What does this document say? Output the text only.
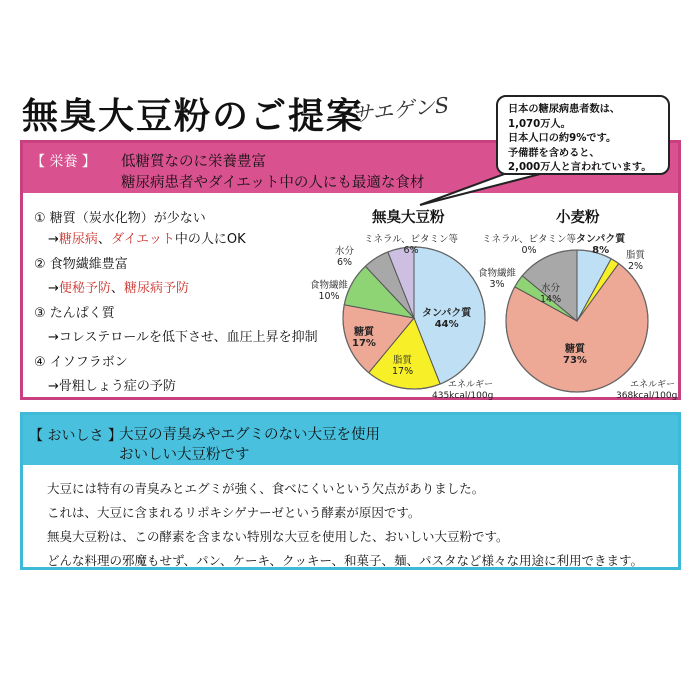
無臭大豆粉のご提案
サエゲンS	日本の糖尿病患者数は、
1,070万人。
日本人口の約9%です。
予備群を含めると、
2,000万人と言われています。
【 栄養 】 低糖質なのに栄養豊富
糖尿病患者やダイエット中の人にも最適な食材
① 糖質（炭水化物）が少ない
→糖尿病、ダイエット中の人にOK
② 食物繊維豊富
→便秘予防、糖尿病予防
③ たんぱく質
→コレステロールを低下させ、血圧上昇を抑制
④ イソフラボン
→骨粗しょう症の予防
無臭大豆粉	小麦粉
ミネラル、ビタミン等
6%
水分
6%
食物繊維
10%
タンパク質
44%
糖質
17%
脂質
17%
エネルギー
435kcal/100g
ミネラル、ビタミン等
0%
タンパク質
8%	脂質
2%
食物繊維
3%	水分
14%
糖質
73%
エネルギー
368kcal/100g
【 おいしさ 】
大豆の青臭みやエグミのない大豆を使用
おいしい大豆粉です
大豆には特有の青臭みとエグミが強く、食べにくいという欠点がありました。
これは、大豆に含まれるリポキシゲナーゼという酵素が原因です。
無臭大豆粉は、この酵素を含まない特別な大豆を使用した、おいしい大豆粉です。
どんな料理の邪魔もせず、パン、ケーキ、クッキー、和菓子、麺、パスタなど様々な用途に利用できます。
